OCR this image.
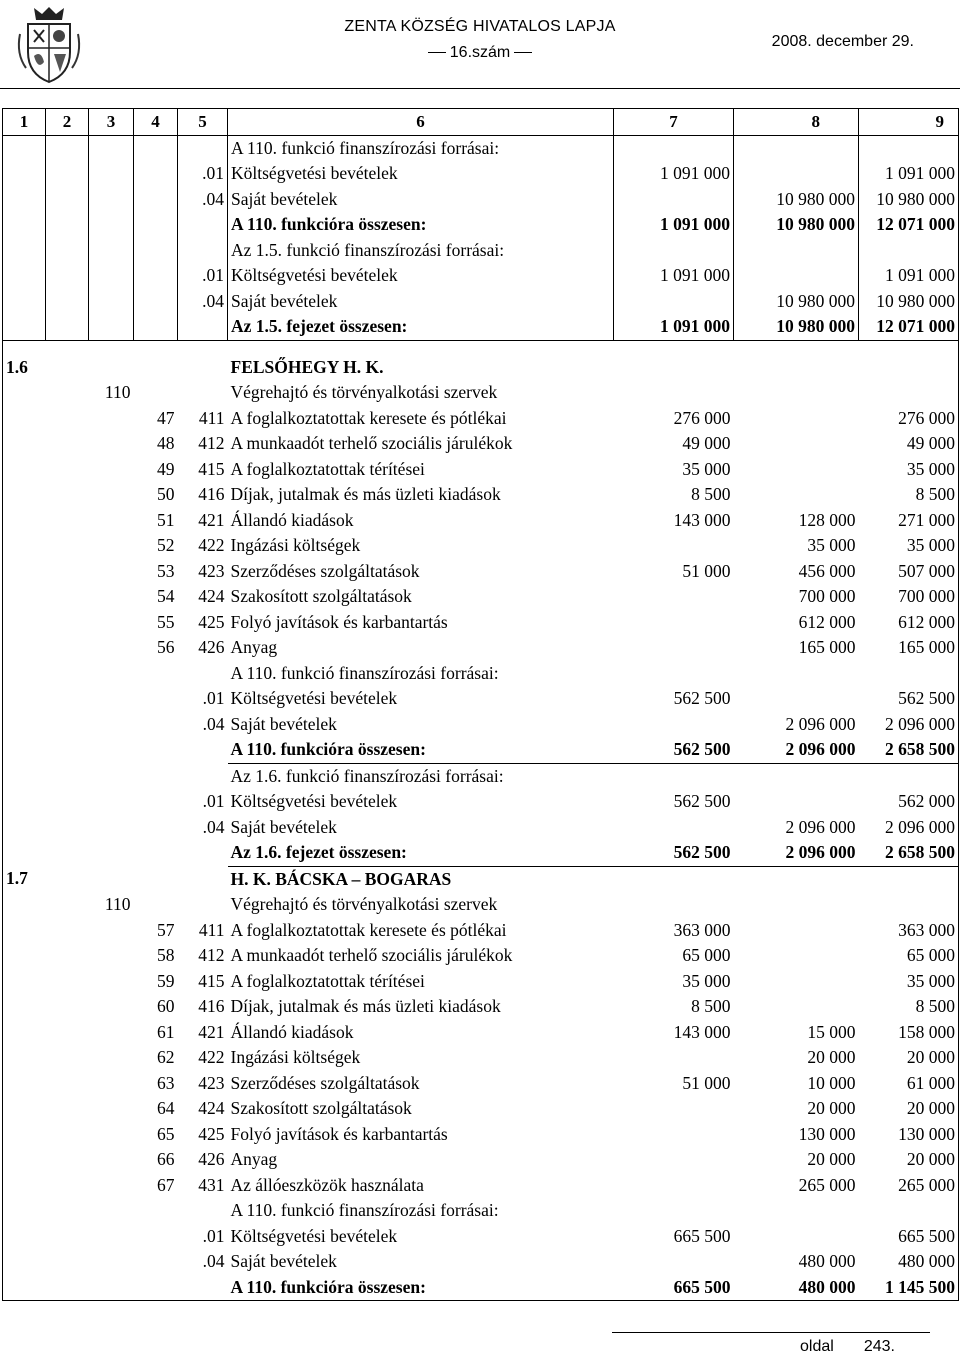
ZENTA KÖZSÉG HIVATALOS LAPJA
16.szám
2008. december 29.
1	2	3	4	5	6	7	8	9
					A 110. funkció finanszírozási forrásai:			
				.01	Költségvetési bevételek	1 091 000		1 091 000
				.04	Saját bevételek		10 980 000	10 980 000
					A 110. funkcióra összesen:	1 091 000	10 980 000	12 071 000
					Az 1.5. funkció finanszírozási forrásai:			
				.01	Költségvetési bevételek	1 091 000		1 091 000
				.04	Saját bevételek		10 980 000	10 980 000
					Az 1.5. fejezet összesen:	1 091 000	10 980 000	12 071 000

1.6					FELSŐHEGY H. K.			
		110			Végrehajtó és törvényalkotási szervek			
			47	411	A foglalkoztatottak keresete és pótlékai	276 000		276 000
			48	412	A munkaadót terhelő szociális járulékok	49 000		49 000
			49	415	A foglalkoztatottak térítései	35 000		35 000
			50	416	Díjak, jutalmak és más üzleti kiadások	8 500		8 500
			51	421	Állandó kiadások	143 000	128 000	271 000
			52	422	Ingázási költségek		35 000	35 000
			53	423	Szerződéses szolgáltatások	51 000	456 000	507 000
			54	424	Szakosított szolgáltatások		700 000	700 000
			55	425	Folyó javítások és karbantartás		612 000	612 000
			56	426	Anyag		165 000	165 000
					A 110. funkció finanszírozási forrásai:			
				.01	Költségvetési bevételek	562 500		562 500
				.04	Saját bevételek		2 096 000	2 096 000
					A 110. funkcióra összesen:	562 500	2 096 000	2 658 500
					Az 1.6. funkció finanszírozási forrásai:			
				.01	Költségvetési bevételek	562 500		562 000
				.04	Saját bevételek		2 096 000	2 096 000
					Az 1.6. fejezet összesen:	562 500	2 096 000	2 658 500
1.7					H. K. BÁCSKA – BOGARAS			
		110			Végrehajtó és törvényalkotási szervek			
			57	411	A foglalkoztatottak keresete és pótlékai	363 000		363 000
			58	412	A munkaadót terhelő szociális járulékok	65 000		65 000
			59	415	A foglalkoztatottak térítései	35 000		35 000
			60	416	Díjak, jutalmak és más üzleti kiadások	8 500		8 500
			61	421	Állandó kiadások	143 000	15 000	158 000
			62	422	Ingázási költségek		20 000	20 000
			63	423	Szerződéses szolgáltatások	51 000	10 000	61 000
			64	424	Szakosított szolgáltatások		20 000	20 000
			65	425	Folyó javítások és karbantartás		130 000	130 000
			66	426	Anyag		20 000	20 000
			67	431	Az állóeszközök használata		265 000	265 000
					A 110. funkció finanszírozási forrásai:			
				.01	Költségvetési bevételek	665 500		665 500
				.04	Saját bevételek		480 000	480 000
					A 110. funkcióra összesen:	665 500	480 000	1 145 500
oldal 243.
